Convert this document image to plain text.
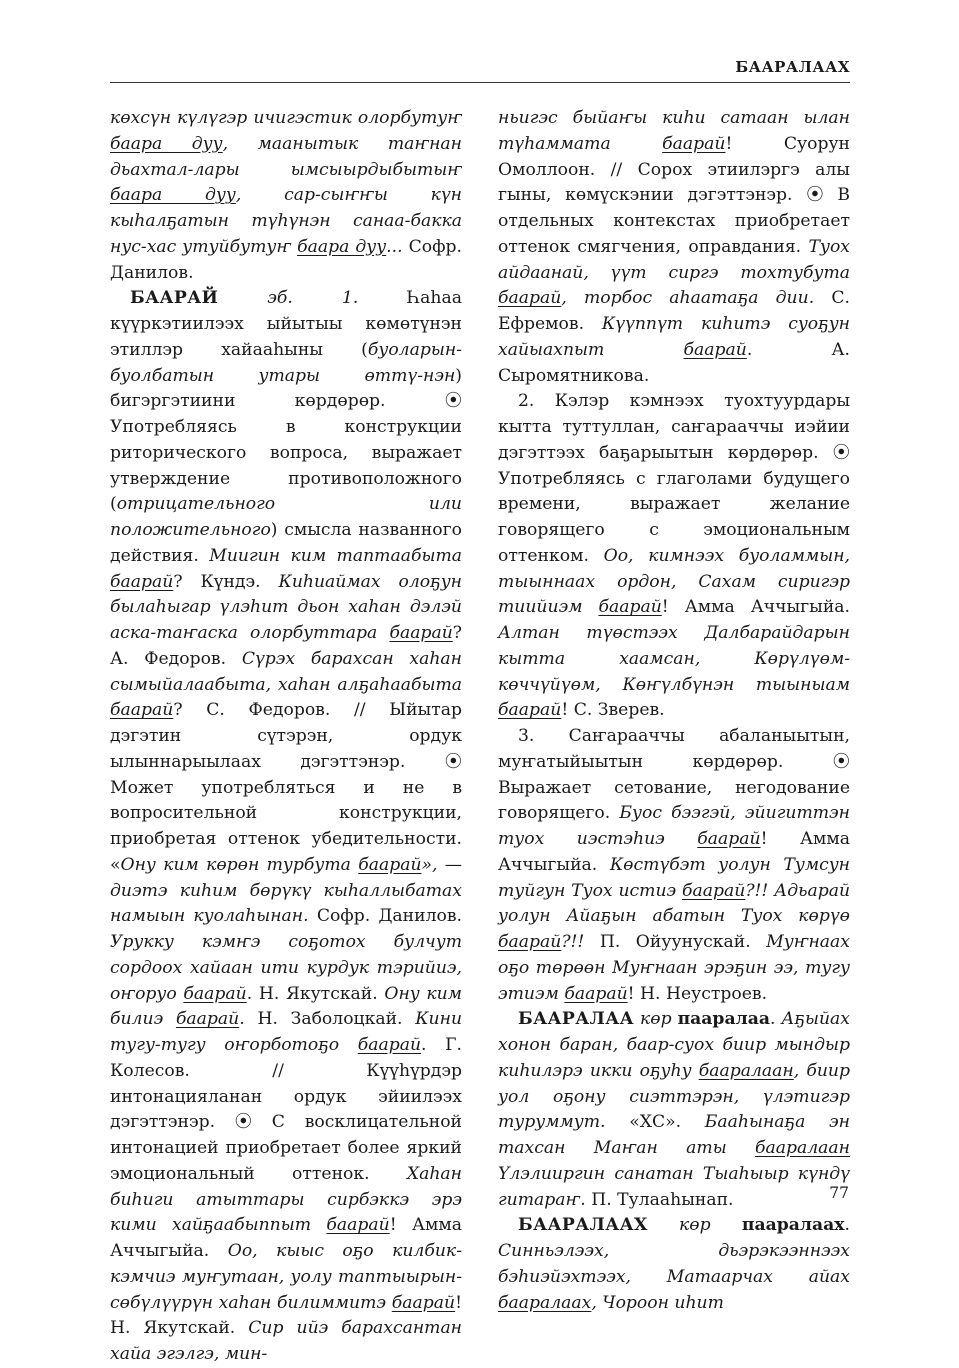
БААРАЛААХ

көхсүн күлүгэр ичигэстик олорбутуҥ баара дуу, маанытык таҥнан дьахтал-лары ымсыырдыбытыҥ баара дуу, сар-сыҥҥы күн кыһалҕатын түһүнэн санаа-баккa нус-хас утуйбутуҥ баара дуу... Софр. Данилов.

БААРАЙ	эб. 1.	Һаһаа күүркэтиилээх ыйытыы көмөтүнэн этиллэр хайааһыны (буоларын-буолбатын утары өттү-нэн) бигэргэтиини көрдөрөр. ⦿ Употребляясь в конструкции риторического вопроса, выражает утверждение противоположного (отрицательного или положительного) смысла названного действия. Миигин ким таптаабыта баарай? Күндэ. Киһиаймах олоҕун былаһыгар үлэһит дьон хаһан дэлэй аска-таҥаска олорбуттара баарай? А. Федоров. Сүрэх барахсан хаһан сымыйалаабыта, хаһан алҕаһаабыта баарай? С. Федоров. // Ыйытар дэгэтин сүтэрэн, ордук ылыннарыылаах дэгэттэнэр. ⦿ Может употребляться и не в вопросительной конструкции, приобретая оттенок убедительности. «Ону ким көрөн турбута баарай», — диэтэ киһим бөрүкү кыһаллыбатах намыын куолаһынан. Софр. Данилов. Урукку кэмҥэ соҕотох булчут сордоох хайаан ити курдук тэрийиэ, оҥоруо баарай. Н. Якутскай. Ону ким билиэ баарай. Н. Заболоцкай. Кини тугу-тугу оҥорботоҕо баарай. Г. Колесов. // Күүһүрдэр интонацияланан ордук эйиилээх дэгэттэнэр. ⦿ С восклицательной интонацией приобретает более яркий эмоциональный оттенок. Хаһан биһиги атыттары сирбэккэ эрэ кими хайҕаабыппыт баарай! Амма Аччыгыйа. Оо, кыыс оҕо килбик-кэмчиэ муҥутаан, уолу таптыырын-сөбүлүүрүн хаһан билиммитэ баарай! Н. Якутскай. Сир ийэ барахсантан хайа эгэлгэ, мин-

ньигэс быйаҥы киһи сатаан ылан түһаммата	баарай!	Суорун Омоллоон. // Сорох этиилэргэ алы гыны, көмүскэнии дэгэттэнэр. ⦿ В отдельных контекстах приобретает оттенок смягчения, оправдания. Туох айдаанай, үүт сиргэ тохтубута баарай, торбос аһаатаҕа дии. С. Ефремов. Күүппүт киһитэ суоҕун хайыахпыт	баарай.	А. Сыромятникова.

2. Кэлэр кэмнээх туохтуурдары кытта туттуллан, саҥарааччы иэйии дэгэттээх баҕарыытын көрдөрөр. ⦿ Употребляясь с глаголами будущего времени, выражает желание говорящего с эмоциональным оттенком. Оо, кимнээх буоламмын, тыыннаах ордон, Сахам сиригэр тиийиэм баарай! Амма Аччыгыйа. Алтан түөстээх Далбарайдарын кытта хаамсан, Көрүлүөм-көччүйүөм, Көҥүлбүнэн тыыныам баарай! С. Зверев.

3. Саҥарааччы абаланыытын, муҥатыйыытын көрдөрөр. ⦿ Выражает сетование, негодование говорящего. Буос бээгэй, эйигиттэн туох иэстэһиэ баарай! Амма Аччыгыйа. Көстүбэт уолун Тумсун туйгун Туох истиэ баарай?!! Адьарай уолун Айаҕын абатын Туох көрүө баарай?!! П. Ойуунускай. Муҥнаах оҕо төрөөн Муҥнаан эрэҕин ээ, тугу этиэм баарай! Н. Неустроев.

БААРАЛАА көр пааралаа. Аҕыйах хонон баран, баар-суох биир мындыр киһилэрэ икки оҕуһу бааралаан, биир уол оҕону сиэттэрэн, үлэтигэр туруммут. «ХС». Бааһынаҕа эн тахсан Маҥан аты бааралаан Үлэлииргин санатан Тыаһыыр күндү гитараҥ. П. Тулааһынап.

БААРАЛААХ көр пааралаах. Синньэлээх, дьэрэкээннээх бэһиэйэхтээх, Матаарчах айах бааралаах, Чороон иһит

77
